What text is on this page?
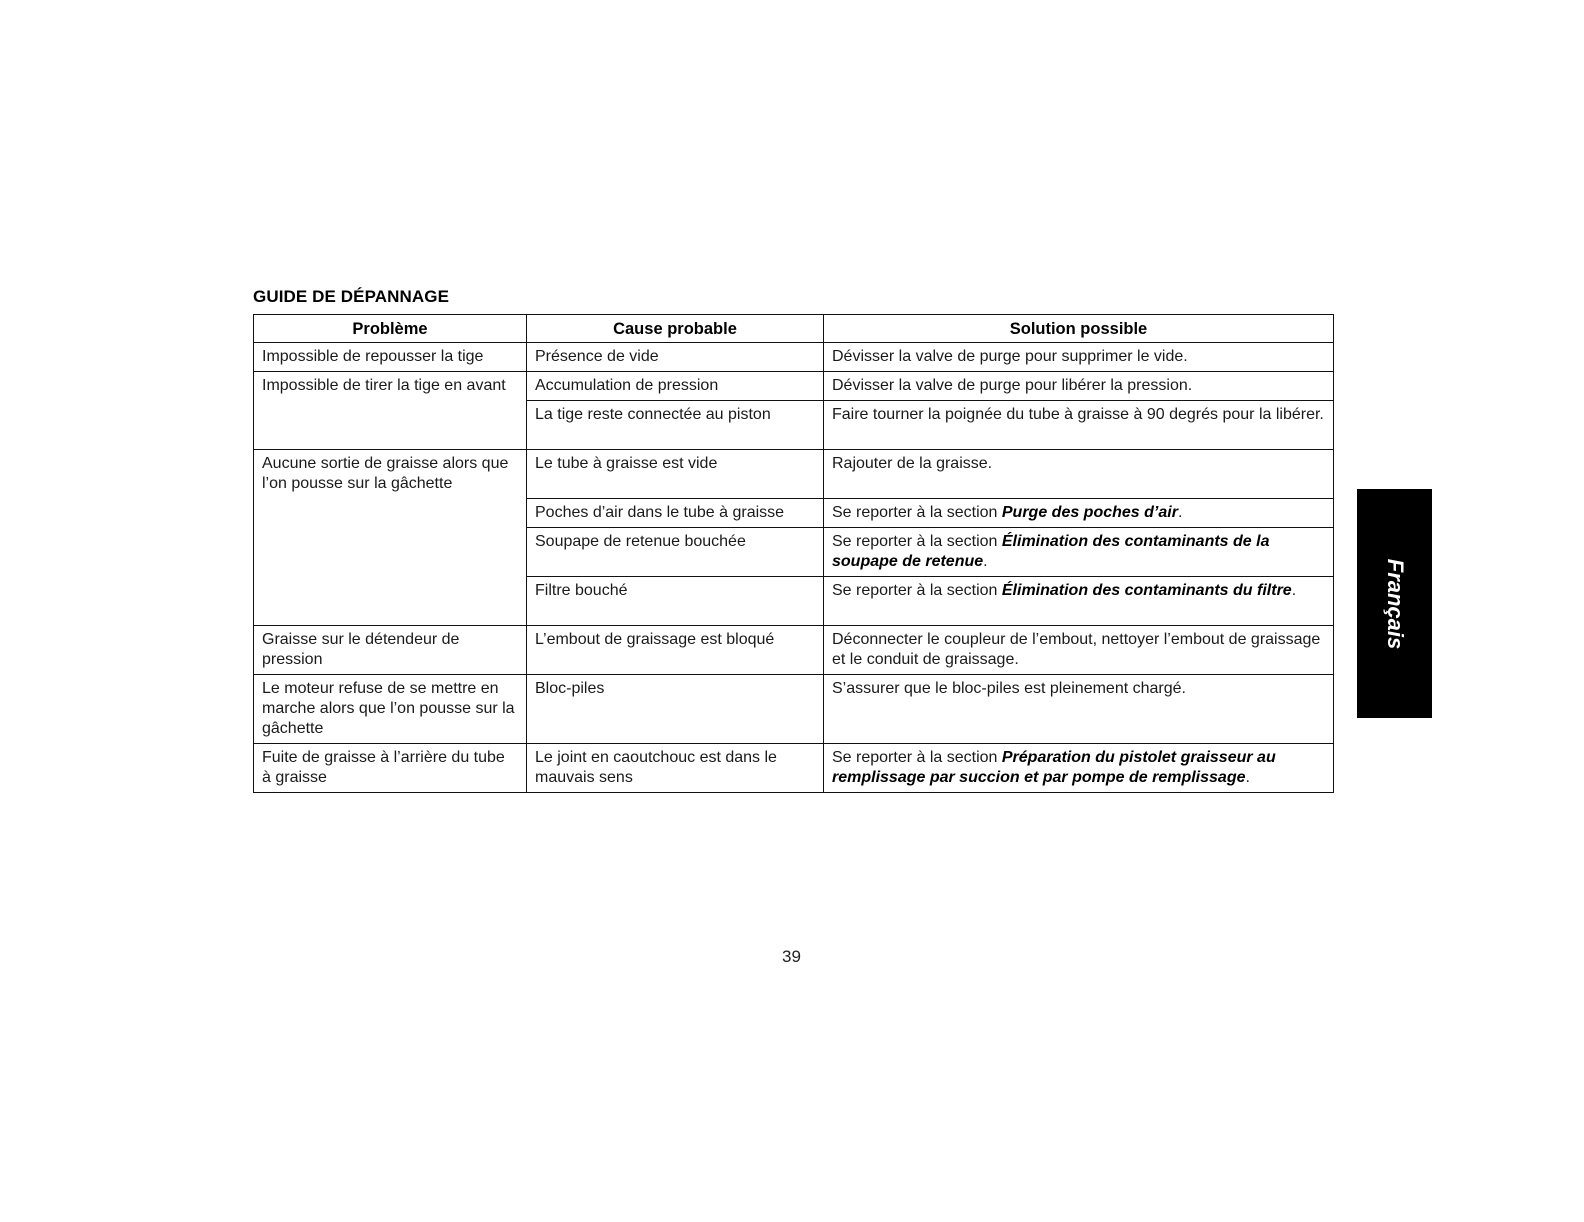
GUIDE DE DÉPANNAGE
Problème	Cause probable	Solution possible
Impossible de repousser la tige	Présence de vide	Dévisser la valve de purge pour supprimer le vide.
Impossible de tirer la tige en avant	Accumulation de pression	Dévisser la valve de purge pour libérer la pression.
	La tige reste connectée au piston	Faire tourner la poignée du tube à graisse à 90 degrés pour la libérer.
Aucune sortie de graisse alors que l’on pousse sur la gâchette	Le tube à graisse est vide	Rajouter de la graisse.
	Poches d’air dans le tube à graisse	Se reporter à la section Purge des poches d’air.
	Soupape de retenue bouchée	Se reporter à la section Élimination des contaminants de la soupape de retenue.
	Filtre bouché	Se reporter à la section Élimination des contaminants du filtre.
Graisse sur le détendeur de pression	L’embout de graissage est bloqué	Déconnecter le coupleur de l’embout, nettoyer l’embout de graissage et le conduit de graissage.
Le moteur refuse de se mettre en marche alors que l’on pousse sur la gâchette	Bloc-piles	S’assurer que le bloc-piles est pleinement chargé.
Fuite de graisse à l’arrière du tube à graisse	Le joint en caoutchouc est dans le mauvais sens	Se reporter à la section Préparation du pistolet graisseur au remplissage par succion et par pompe de remplissage.
Français
39
